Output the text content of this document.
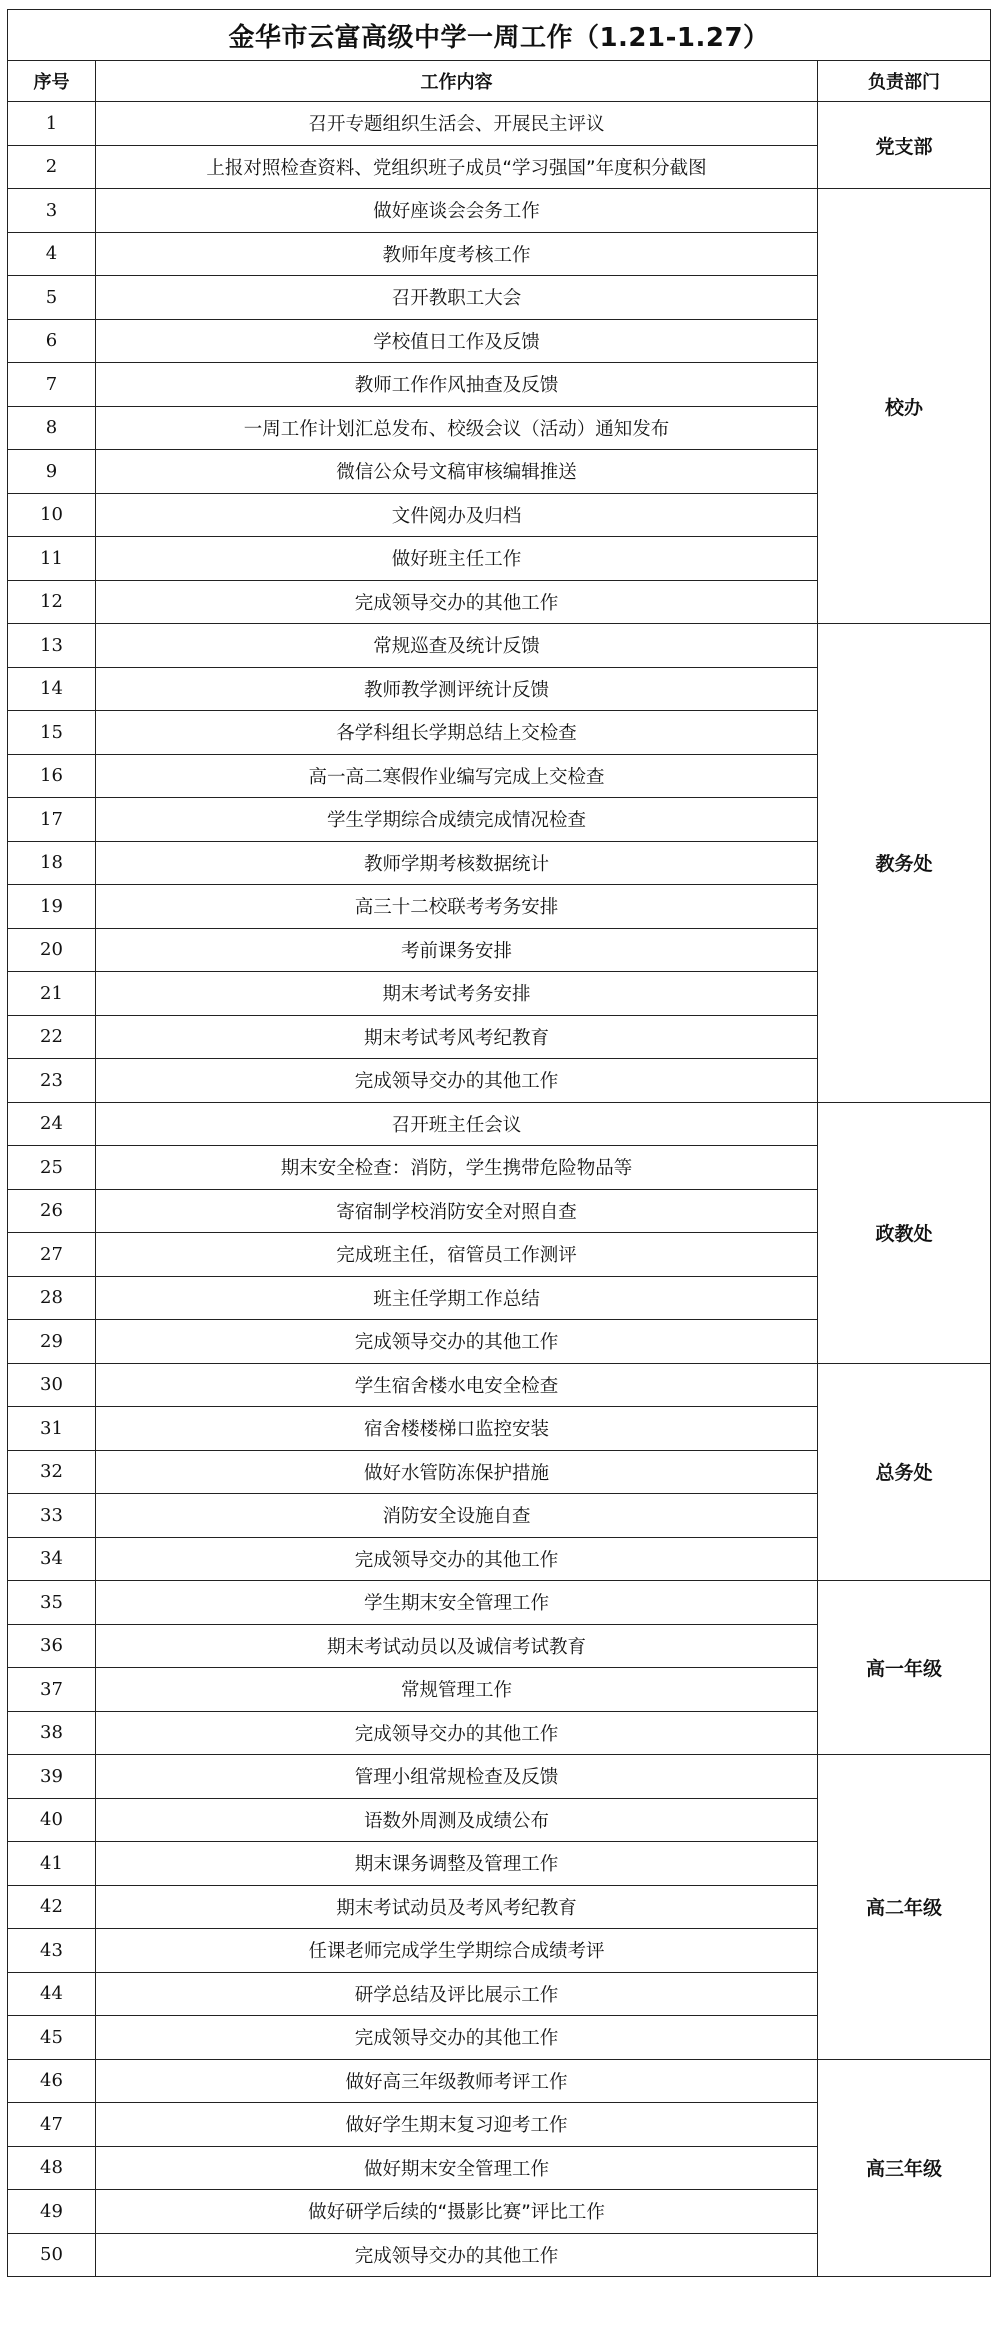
金华市云富高级中学一周工作（1.21-1.27）		
序号	工作内容	负责部门
1	召开专题组织生活会、开展民主评议	党支部
2	上报对照检查资料、党组织班子成员“学习强国”年度积分截图	
3	做好座谈会会务工作	校办
4	教师年度考核工作	
5	召开教职工大会	
6	学校值日工作及反馈	
7	教师工作作风抽查及反馈	
8	一周工作计划汇总发布、校级会议（活动）通知发布	
9	微信公众号文稿审核编辑推送	
10	文件阅办及归档	
11	做好班主任工作	
12	完成领导交办的其他工作	
13	常规巡查及统计反馈	教务处
14	教师教学测评统计反馈	
15	各学科组长学期总结上交检查	
16	高一高二寒假作业编写完成上交检查	
17	学生学期综合成绩完成情况检查	
18	教师学期考核数据统计	
19	高三十二校联考考务安排	
20	考前课务安排	
21	期末考试考务安排	
22	期末考试考风考纪教育	
23	完成领导交办的其他工作	
24	召开班主任会议	政教处
25	期末安全检查：消防，学生携带危险物品等	
26	寄宿制学校消防安全对照自查	
27	完成班主任，宿管员工作测评	
28	班主任学期工作总结	
29	完成领导交办的其他工作	
30	学生宿舍楼水电安全检查	总务处
31	宿舍楼楼梯口监控安装	
32	做好水管防冻保护措施	
33	消防安全设施自查	
34	完成领导交办的其他工作	
35	学生期末安全管理工作	高一年级
36	期末考试动员以及诚信考试教育	
37	常规管理工作	
38	完成领导交办的其他工作	
39	管理小组常规检查及反馈	高二年级
40	语数外周测及成绩公布	
41	期末课务调整及管理工作	
42	期末考试动员及考风考纪教育	
43	任课老师完成学生学期综合成绩考评	
44	研学总结及评比展示工作	
45	完成领导交办的其他工作	
46	做好高三年级教师考评工作	高三年级
47	做好学生期末复习迎考工作	
48	做好期末安全管理工作	
49	做好研学后续的“摄影比赛”评比工作	
50	完成领导交办的其他工作	
